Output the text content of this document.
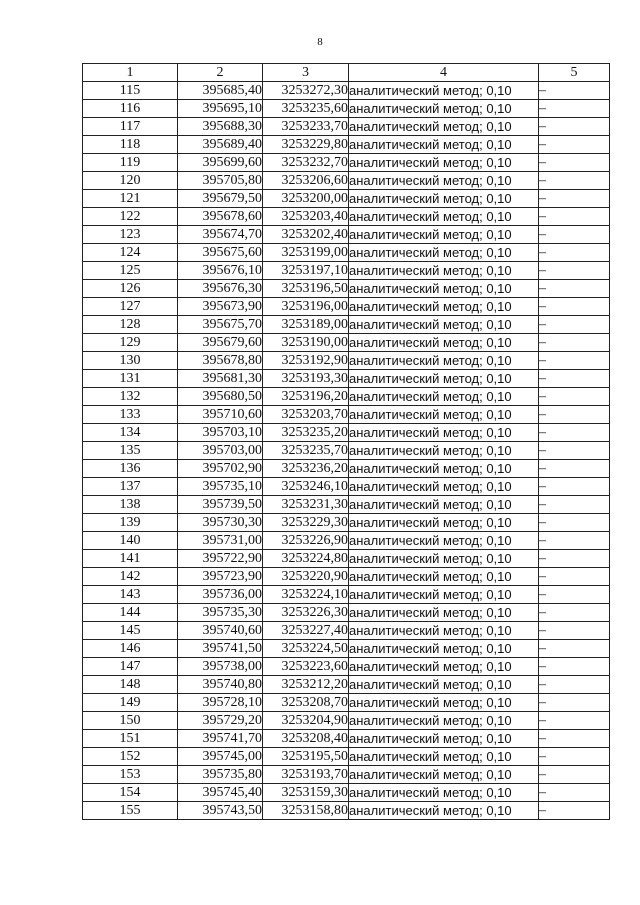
8
1	2	3	4	5
115	395685,40	3253272,30	аналитический метод; 0,10	–
116	395695,10	3253235,60	аналитический метод; 0,10	–
117	395688,30	3253233,70	аналитический метод; 0,10	–
118	395689,40	3253229,80	аналитический метод; 0,10	–
119	395699,60	3253232,70	аналитический метод; 0,10	–
120	395705,80	3253206,60	аналитический метод; 0,10	–
121	395679,50	3253200,00	аналитический метод; 0,10	–
122	395678,60	3253203,40	аналитический метод; 0,10	–
123	395674,70	3253202,40	аналитический метод; 0,10	–
124	395675,60	3253199,00	аналитический метод; 0,10	–
125	395676,10	3253197,10	аналитический метод; 0,10	–
126	395676,30	3253196,50	аналитический метод; 0,10	–
127	395673,90	3253196,00	аналитический метод; 0,10	–
128	395675,70	3253189,00	аналитический метод; 0,10	–
129	395679,60	3253190,00	аналитический метод; 0,10	–
130	395678,80	3253192,90	аналитический метод; 0,10	–
131	395681,30	3253193,30	аналитический метод; 0,10	–
132	395680,50	3253196,20	аналитический метод; 0,10	–
133	395710,60	3253203,70	аналитический метод; 0,10	–
134	395703,10	3253235,20	аналитический метод; 0,10	–
135	395703,00	3253235,70	аналитический метод; 0,10	–
136	395702,90	3253236,20	аналитический метод; 0,10	–
137	395735,10	3253246,10	аналитический метод; 0,10	–
138	395739,50	3253231,30	аналитический метод; 0,10	–
139	395730,30	3253229,30	аналитический метод; 0,10	–
140	395731,00	3253226,90	аналитический метод; 0,10	–
141	395722,90	3253224,80	аналитический метод; 0,10	–
142	395723,90	3253220,90	аналитический метод; 0,10	–
143	395736,00	3253224,10	аналитический метод; 0,10	–
144	395735,30	3253226,30	аналитический метод; 0,10	–
145	395740,60	3253227,40	аналитический метод; 0,10	–
146	395741,50	3253224,50	аналитический метод; 0,10	–
147	395738,00	3253223,60	аналитический метод; 0,10	–
148	395740,80	3253212,20	аналитический метод; 0,10	–
149	395728,10	3253208,70	аналитический метод; 0,10	–
150	395729,20	3253204,90	аналитический метод; 0,10	–
151	395741,70	3253208,40	аналитический метод; 0,10	–
152	395745,00	3253195,50	аналитический метод; 0,10	–
153	395735,80	3253193,70	аналитический метод; 0,10	–
154	395745,40	3253159,30	аналитический метод; 0,10	–
155	395743,50	3253158,80	аналитический метод; 0,10	–
